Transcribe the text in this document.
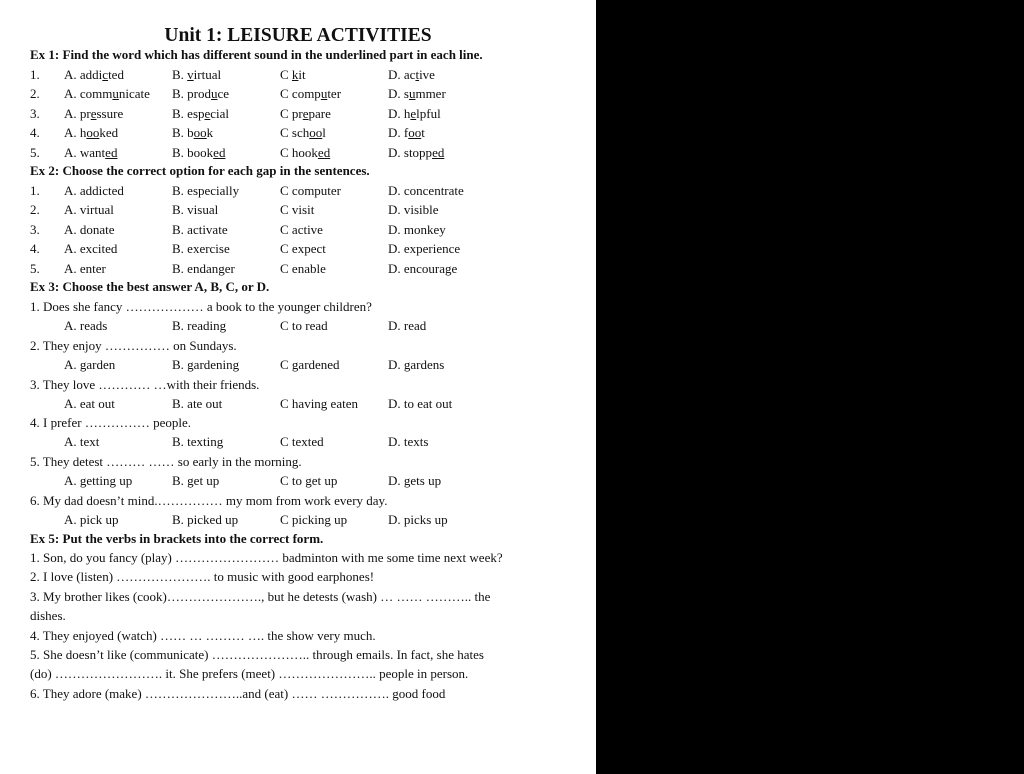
Unit 1: LEISURE ACTIVITIES
Ex 1: Find the word which has different sound in the underlined part in each line.
1. A. addicted	B. virtual	C kit	D. active
2. A. communicate B. produce	C computer	D. summer
3. A. pressure	B. especial	C prepare	D. helpful
4. A. hooked	B. book	C school	D. foot
5. A. wanted	B. booked	C hooked	D. stopped
Ex 2: Choose the correct option for each gap in the sentences.
1. A. addicted	B. especially	C computer	D. concentrate
2. A. virtual	B. visual	C visit	D. visible
3. A. donate	B. activate	C active	D. monkey
4. A. excited	B. exercise	C expect	D. experience
5. A. enter	B. endanger	C enable	D. encourage
Ex 3: Choose the best answer A, B, C, or D.
1. Does she fancy ……………… a book to the younger children?
A. reads	B. reading	C to read	D. read
2. They enjoy …………… on Sundays.
A. garden	B. gardening	C gardened	D. gardens
3. They love ………… …with their friends.
A. eat out	B. ate out	C having eaten D. to eat out
4. I prefer …………… people.
A. text	B. texting	C texted	D. texts
5. They detest ……… …… so early in the morning.
A. getting up	B. get up	C to get up	D. gets up
6. My dad doesn’t mind.…………… my mom from work every day.
A. pick up	B. picked up	C picking up	D. picks up
Ex 5: Put the verbs in brackets into the correct form.
1. Son, do you fancy (play) …………………… badminton with me some time next week?
2. I love (listen) …………………. to music with good earphones!
3. My brother likes (cook)…………………., but he detests (wash) … …… ……….. the
dishes.
4. They enjoyed (watch) …… … ……… …. the show very much.
5. She doesn’t like (communicate) ………………….. through emails. In fact, she hates
(do) ……………………. it. She prefers (meet) ………………….. people in person.
6. They adore (make) …………………..and (eat) …… ……………. good food
